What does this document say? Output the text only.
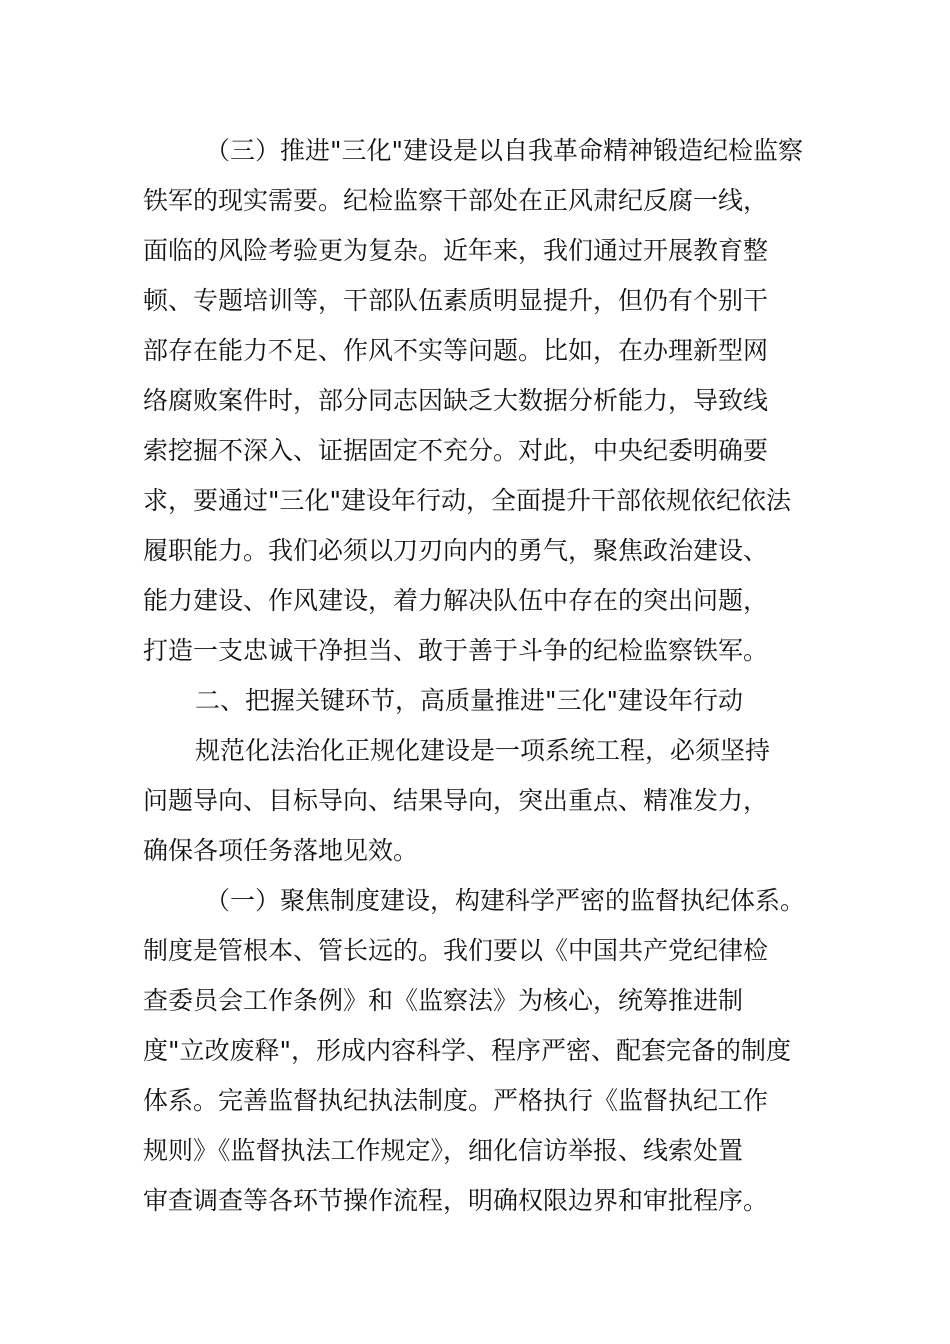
（三）推进"三化"建设是以自我革命精神锻造纪检监察
铁军的现实需要。纪检监察干部处在正风肃纪反腐一线，
面临的风险考验更为复杂。近年来，我们通过开展教育整
顿、专题培训等，干部队伍素质明显提升，但仍有个别干
部存在能力不足、作风不实等问题。比如，在办理新型网
络腐败案件时，部分同志因缺乏大数据分析能力，导致线
索挖掘不深入、证据固定不充分。对此，中央纪委明确要
求，要通过"三化"建设年行动，全面提升干部依规依纪依法
履职能力。我们必须以刀刃向内的勇气，聚焦政治建设、
能力建设、作风建设，着力解决队伍中存在的突出问题，
打造一支忠诚干净担当、敢于善于斗争的纪检监察铁军。
二、把握关键环节，高质量推进"三化"建设年行动
规范化法治化正规化建设是一项系统工程，必须坚持
问题导向、目标导向、结果导向，突出重点、精准发力，
确保各项任务落地见效。
（一）聚焦制度建设，构建科学严密的监督执纪体系。
制度是管根本、管长远的。我们要以《中国共产党纪律检
查委员会工作条例》和《监察法》为核心，统筹推进制
度"立改废释"，形成内容科学、程序严密、配套完备的制度
体系。完善监督执纪执法制度。严格执行《监督执纪工作
规则》《监督执法工作规定》，细化信访举报、线索处置
审查调查等各环节操作流程，明确权限边界和审批程序。
